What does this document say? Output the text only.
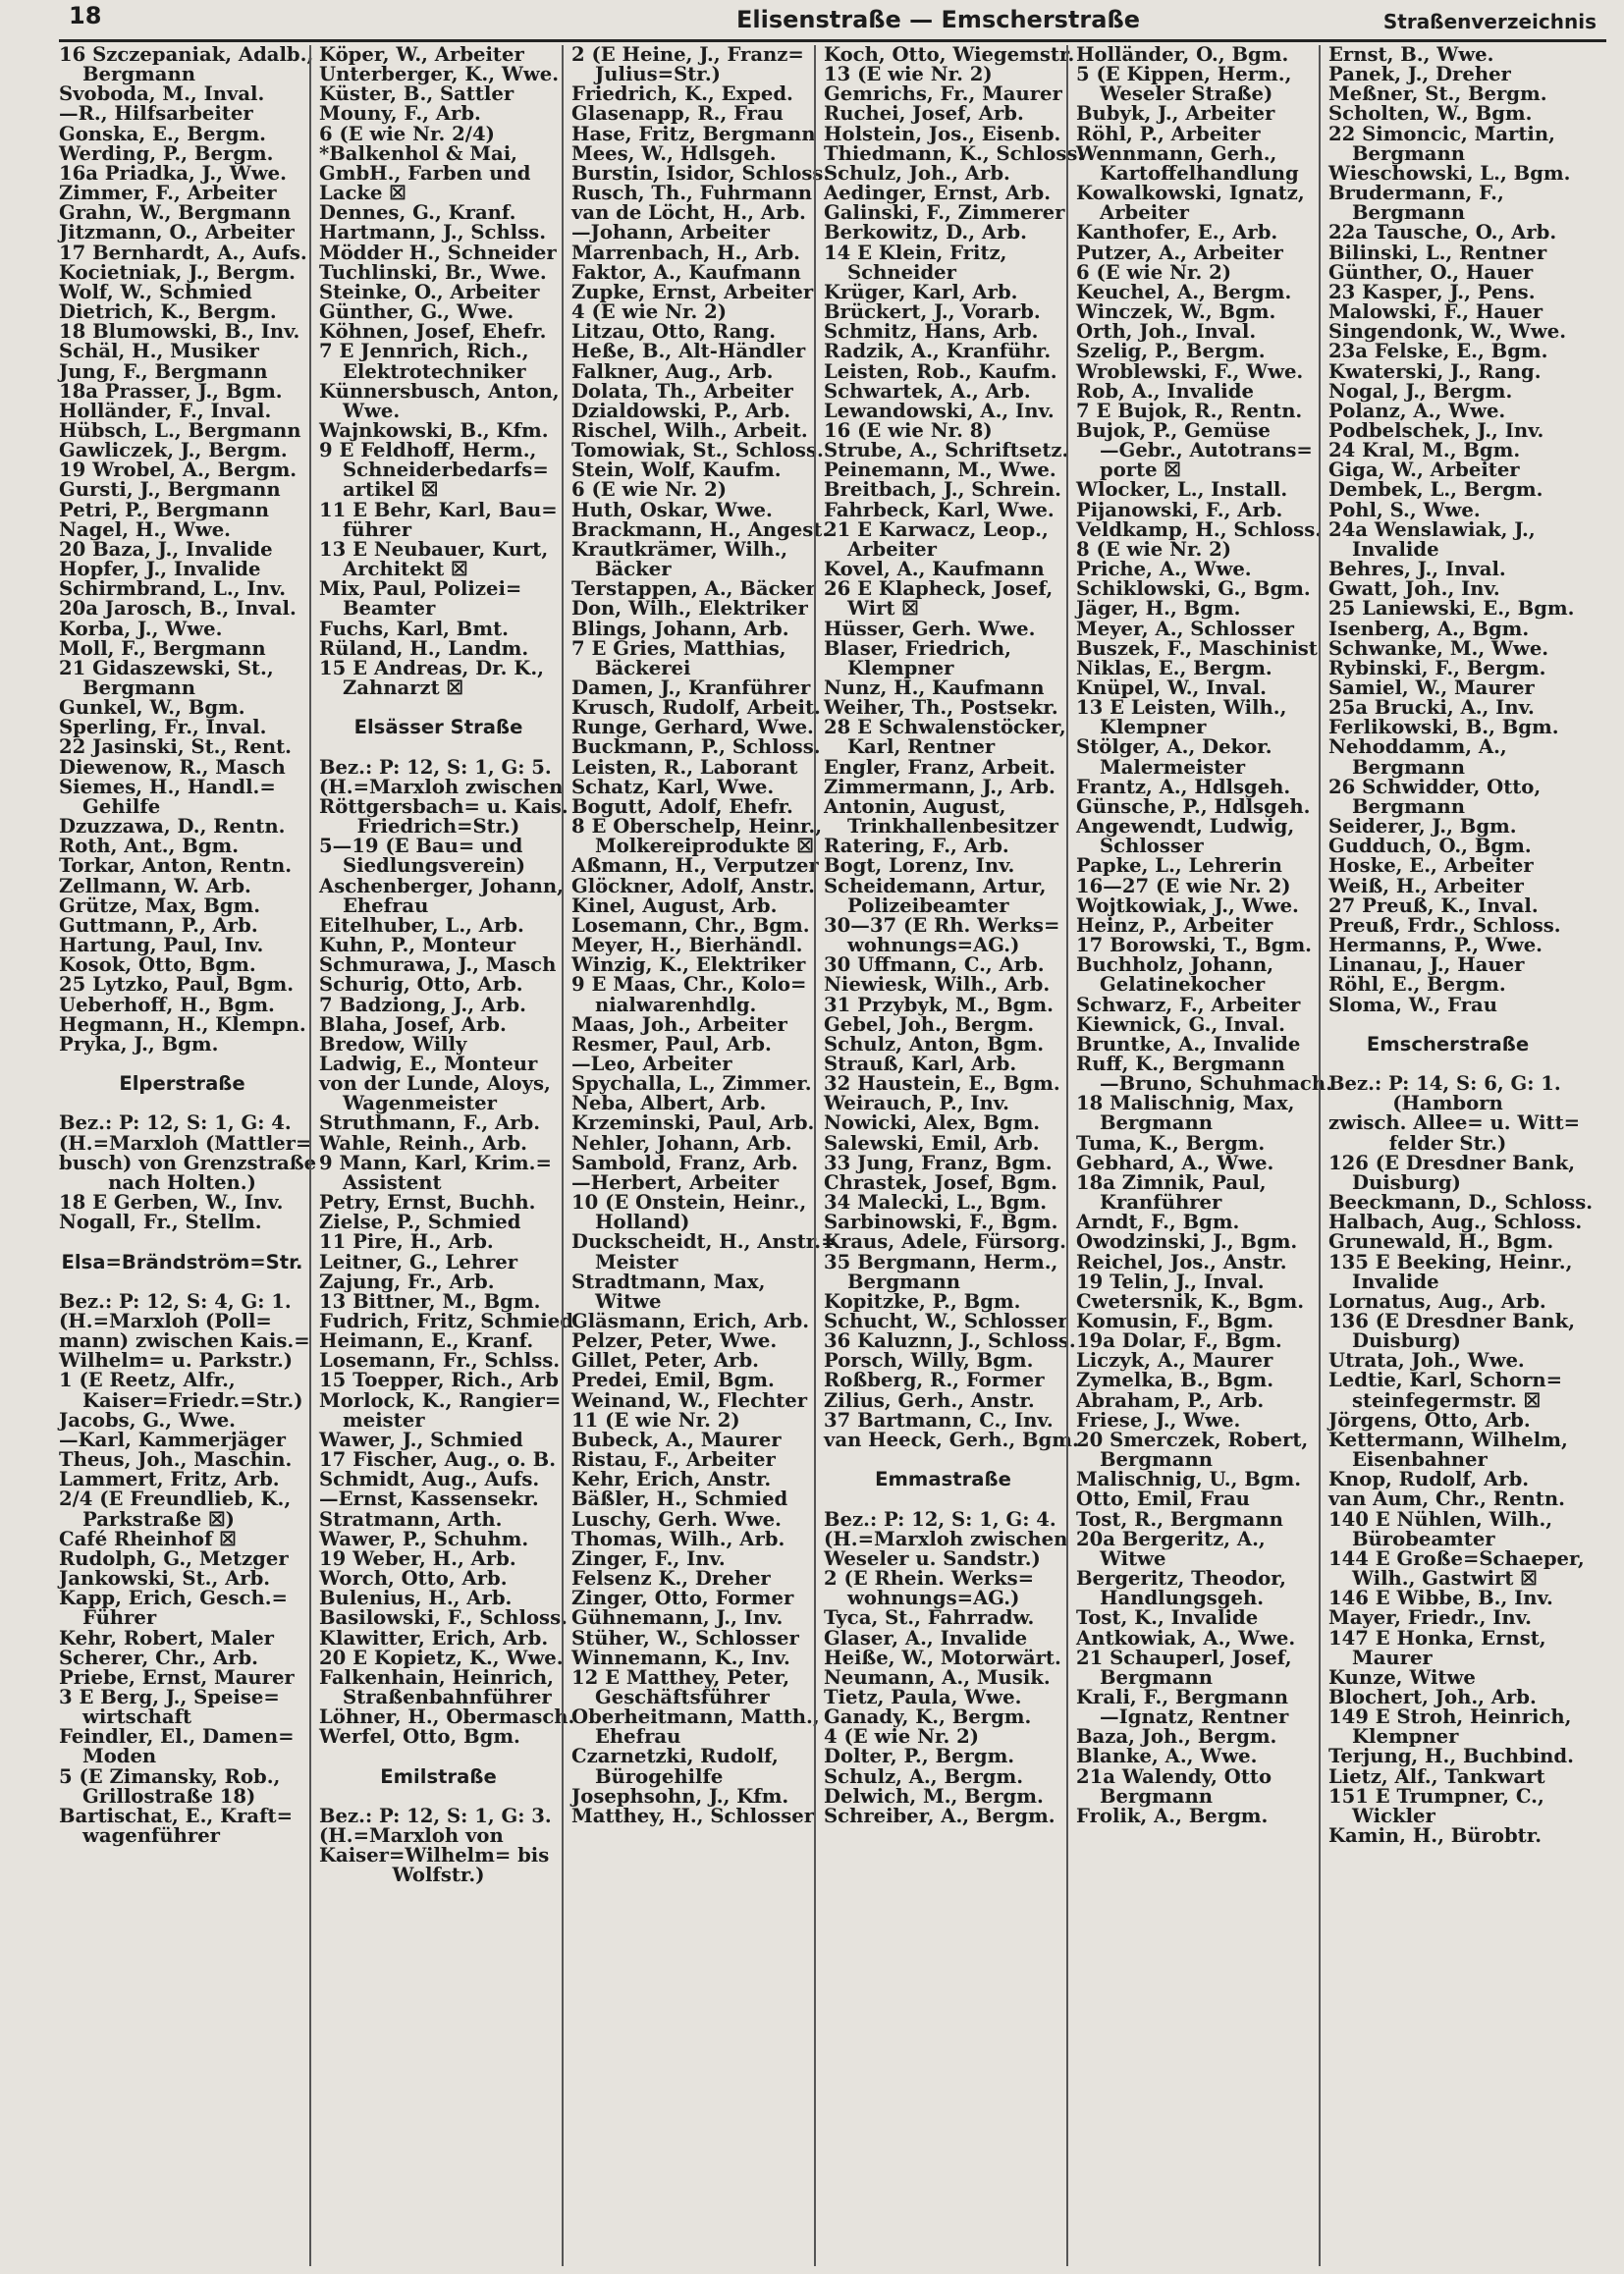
18	Elisenstraße — Emscherstraße	Straßenverzeichnis
16 Szczepaniak, Adalb.,
Bergmann
Svoboda, M., Inval.
—R., Hilfsarbeiter
Gonska, E., Bergm.
Werding, P., Bergm.
16a Priadka, J., Wwe.
Zimmer, F., Arbeiter
Grahn, W., Bergmann
Jitzmann, O., Arbeiter
17 Bernhardt, A., Aufs.
Kocietniak, J., Bergm.
Wolf, W., Schmied
Dietrich, K., Bergm.
18 Blumowski, B., Inv.
Schäl, H., Musiker
Jung, F., Bergmann
18a Prasser, J., Bgm.
Holländer, F., Inval.
Hübsch, L., Bergmann
Gawliczek, J., Bergm.
19 Wrobel, A., Bergm.
Gursti, J., Bergmann
Petri, P., Bergmann
Nagel, H., Wwe.
20 Baza, J., Invalide
Hopfer, J., Invalide
Schirmbrand, L., Inv.
20a Jarosch, B., Inval.
Korba, J., Wwe.
Moll, F., Bergmann
21 Gidaszewski, St.,
Bergmann
Gunkel, W., Bgm.
Sperling, Fr., Inval.
22 Jasinski, St., Rent.
Diewenow, R., Masch
Siemes, H., Handl.=
Gehilfe
Dzuzzawa, D., Rentn.
Roth, Ant., Bgm.
Torkar, Anton, Rentn.
Zellmann, W. Arb.
Grütze, Max, Bgm.
Guttmann, P., Arb.
Hartung, Paul, Inv.
Kosok, Otto, Bgm.
25 Lytzko, Paul, Bgm.
Ueberhoff, H., Bgm.
Hegmann, H., Klempn.
Pryka, J., Bgm.

Elperstraße

Bez.: P: 12, S: 1, G: 4.
(H.=Marxloh (Mattler=
busch) von Grenzstraße
nach Holten.)
18 E Gerben, W., Inv.
Nogall, Fr., Stellm.

Elsa=Brändström=Str.

Bez.: P: 12, S: 4, G: 1.
(H.=Marxloh (Poll=
mann) zwischen Kais.=
Wilhelm= u. Parkstr.)
1 (E Reetz, Alfr.,
Kaiser=Friedr.=Str.)
Jacobs, G., Wwe.
—Karl, Kammerjäger
Theus, Joh., Maschin.
Lammert, Fritz, Arb.
2/4 (E Freundlieb, K.,
Parkstraße ☒)
Café Rheinhof ☒
Rudolph, G., Metzger
Jankowski, St., Arb.
Kapp, Erich, Gesch.=
Führer
Kehr, Robert, Maler
Scherer, Chr., Arb.
Priebe, Ernst, Maurer
3 E Berg, J., Speise=
wirtschaft
Feindler, El., Damen=
Moden
5 (E Zimansky, Rob.,
Grillostraße 18)
Bartischat, E., Kraft=
wagenführer
Köper, W., Arbeiter
Unterberger, K., Wwe.
Küster, B., Sattler
Mouny, F., Arb.
6 (E wie Nr. 2/4)
*Balkenhol & Mai,
GmbH., Farben und
Lacke ☒
Dennes, G., Kranf.
Hartmann, J., Schlss.
Mödder H., Schneider
Tuchlinski, Br., Wwe.
Steinke, O., Arbeiter
Günther, G., Wwe.
Köhnen, Josef, Ehefr.
7 E Jennrich, Rich.,
Elektrotechniker
Künnersbusch, Anton,
Wwe.
Wajnkowski, B., Kfm.
9 E Feldhoff, Herm.,
Schneiderbedarfs=
artikel ☒
11 E Behr, Karl, Bau=
führer
13 E Neubauer, Kurt,
Architekt ☒
Mix, Paul, Polizei=
Beamter
Fuchs, Karl, Bmt.
Rüland, H., Landm.
15 E Andreas, Dr. K.,
Zahnarzt ☒

Elsässer Straße

Bez.: P: 12, S: 1, G: 5.
(H.=Marxloh zwischen
Röttgersbach= u. Kais.
Friedrich=Str.)
5—19 (E Bau= und
Siedlungsverein)
Aschenberger, Johann,
Ehefrau
Eitelhuber, L., Arb.
Kuhn, P., Monteur
Schmurawa, J., Masch
Schurig, Otto, Arb.
7 Badziong, J., Arb.
Blaha, Josef, Arb.
Bredow, Willy
Ladwig, E., Monteur
von der Lunde, Aloys,
Wagenmeister
Struthmann, F., Arb.
Wahle, Reinh., Arb.
9 Mann, Karl, Krim.=
Assistent
Petry, Ernst, Buchh.
Zielse, P., Schmied
11 Pire, H., Arb.
Leitner, G., Lehrer
Zajung, Fr., Arb.
13 Bittner, M., Bgm.
Fudrich, Fritz, Schmied
Heimann, E., Kranf.
Losemann, Fr., Schlss.
15 Toepper, Rich., Arb
Morlock, K., Rangier=
meister
Wawer, J., Schmied
17 Fischer, Aug., o. B.
Schmidt, Aug., Aufs.
—Ernst, Kassensekr.
Stratmann, Arth.
Wawer, P., Schuhm.
19 Weber, H., Arb.
Worch, Otto, Arb.
Bulenius, H., Arb.
Basilowski, F., Schloss.
Klawitter, Erich, Arb.
20 E Kopietz, K., Wwe.
Falkenhain, Heinrich,
Straßenbahnführer
Löhner, H., Obermasch.
Werfel, Otto, Bgm.

Emilstraße

Bez.: P: 12, S: 1, G: 3.
(H.=Marxloh von
Kaiser=Wilhelm= bis
Wolfstr.)
2 (E Heine, J., Franz=
Julius=Str.)
Friedrich, K., Exped.
Glasenapp, R., Frau
Hase, Fritz, Bergmann
Mees, W., Hdlsgeh.
Burstin, Isidor, Schloss.
Rusch, Th., Fuhrmann
van de Löcht, H., Arb.
—Johann, Arbeiter
Marrenbach, H., Arb.
Faktor, A., Kaufmann
Zupke, Ernst, Arbeiter
4 (E wie Nr. 2)
Litzau, Otto, Rang.
Heße, B., Alt-Händler
Falkner, Aug., Arb.
Dolata, Th., Arbeiter
Dzialdowski, P., Arb.
Rischel, Wilh., Arbeit.
Tomowiak, St., Schloss.
Stein, Wolf, Kaufm.
6 (E wie Nr. 2)
Huth, Oskar, Wwe.
Brackmann, H., Angest.
Krautkrämer, Wilh.,
Bäcker
Terstappen, A., Bäcker
Don, Wilh., Elektriker
Blings, Johann, Arb.
7 E Gries, Matthias,
Bäckerei
Damen, J., Kranführer
Krusch, Rudolf, Arbeit.
Runge, Gerhard, Wwe.
Buckmann, P., Schloss.
Leisten, R., Laborant
Schatz, Karl, Wwe.
Bogutt, Adolf, Ehefr.
8 E Oberschelp, Heinr.,
Molkereiprodukte ☒
Aßmann, H., Verputzer
Glöckner, Adolf, Anstr.
Kinel, August, Arb.
Losemann, Chr., Bgm.
Meyer, H., Bierhändl.
Winzig, K., Elektriker
9 E Maas, Chr., Kolo=
nialwarenhdlg.
Maas, Joh., Arbeiter
Resmer, Paul, Arb.
—Leo, Arbeiter
Spychalla, L., Zimmer.
Neba, Albert, Arb.
Krzeminski, Paul, Arb.
Nehler, Johann, Arb.
Sambold, Franz, Arb.
—Herbert, Arbeiter
10 (E Onstein, Heinr.,
Holland)
Duckscheidt, H., Anstr.=
Meister
Stradtmann, Max,
Witwe
Gläsmann, Erich, Arb.
Pelzer, Peter, Wwe.
Gillet, Peter, Arb.
Predei, Emil, Bgm.
Weinand, W., Flechter
11 (E wie Nr. 2)
Bubeck, A., Maurer
Ristau, F., Arbeiter
Kehr, Erich, Anstr.
Bäßler, H., Schmied
Luschy, Gerh. Wwe.
Thomas, Wilh., Arb.
Zinger, F., Inv.
Felsenz K., Dreher
Zinger, Otto, Former
Gühnemann, J., Inv.
Stüher, W., Schlosser
Winnemann, K., Inv.
12 E Matthey, Peter,
Geschäftsführer
Oberheitmann, Matth.,
Ehefrau
Czarnetzki, Rudolf,
Bürogehilfe
Josephsohn, J., Kfm.
Matthey, H., Schlosser
Koch, Otto, Wiegemstr.
13 (E wie Nr. 2)
Gemrichs, Fr., Maurer
Ruchei, Josef, Arb.
Holstein, Jos., Eisenb.
Thiedmann, K., Schloss.
Schulz, Joh., Arb.
Aedinger, Ernst, Arb.
Galinski, F., Zimmerer
Berkowitz, D., Arb.
14 E Klein, Fritz,
Schneider
Krüger, Karl, Arb.
Brückert, J., Vorarb.
Schmitz, Hans, Arb.
Radzik, A., Kranführ.
Leisten, Rob., Kaufm.
Schwartek, A., Arb.
Lewandowski, A., Inv.
16 (E wie Nr. 8)
Strube, A., Schriftsetz.
Peinemann, M., Wwe.
Breitbach, J., Schrein.
Fahrbeck, Karl, Wwe.
21 E Karwacz, Leop.,
Arbeiter
Kovel, A., Kaufmann
26 E Klapheck, Josef,
Wirt ☒
Hüsser, Gerh. Wwe.
Blaser, Friedrich,
Klempner
Nunz, H., Kaufmann
Weiher, Th., Postsekr.
28 E Schwalenstöcker,
Karl, Rentner
Engler, Franz, Arbeit.
Zimmermann, J., Arb.
Antonin, August,
Trinkhallenbesitzer
Ratering, F., Arb.
Bogt, Lorenz, Inv.
Scheidemann, Artur,
Polizeibeamter
30—37 (E Rh. Werks=
wohnungs=AG.)
30 Uffmann, C., Arb.
Niewiesk, Wilh., Arb.
31 Przybyk, M., Bgm.
Gebel, Joh., Bergm.
Schulz, Anton, Bgm.
Strauß, Karl, Arb.
32 Haustein, E., Bgm.
Weirauch, P., Inv.
Nowicki, Alex, Bgm.
Salewski, Emil, Arb.
33 Jung, Franz, Bgm.
Chrastek, Josef, Bgm.
34 Malecki, L., Bgm.
Sarbinowski, F., Bgm.
Kraus, Adele, Fürsorg.
35 Bergmann, Herm.,
Bergmann
Kopitzke, P., Bgm.
Schucht, W., Schlosser
36 Kaluznn, J., Schloss.
Porsch, Willy, Bgm.
Roßberg, R., Former
Zilius, Gerh., Anstr.
37 Bartmann, C., Inv.
van Heeck, Gerh., Bgm.

Emmastraße

Bez.: P: 12, S: 1, G: 4.
(H.=Marxloh zwischen
Weseler u. Sandstr.)
2 (E Rhein. Werks=
wohnungs=AG.)
Tyca, St., Fahrradw.
Glaser, A., Invalide
Heiße, W., Motorwärt.
Neumann, A., Musik.
Tietz, Paula, Wwe.
Ganady, K., Bergm.
4 (E wie Nr. 2)
Dolter, P., Bergm.
Schulz, A., Bergm.
Delwich, M., Bergm.
Schreiber, A., Bergm.
Holländer, O., Bgm.
5 (E Kippen, Herm.,
Weseler Straße)
Bubyk, J., Arbeiter
Röhl, P., Arbeiter
Wennmann, Gerh.,
Kartoffelhandlung
Kowalkowski, Ignatz,
Arbeiter
Kanthofer, E., Arb.
Putzer, A., Arbeiter
6 (E wie Nr. 2)
Keuchel, A., Bergm.
Winczek, W., Bgm.
Orth, Joh., Inval.
Szelig, P., Bergm.
Wroblewski, F., Wwe.
Rob, A., Invalide
7 E Bujok, R., Rentn.
Bujok, P., Gemüse
—Gebr., Autotrans=
porte ☒
Wlocker, L., Install.
Pijanowski, F., Arb.
Veldkamp, H., Schloss.
8 (E wie Nr. 2)
Priche, A., Wwe.
Schiklowski, G., Bgm.
Jäger, H., Bgm.
Meyer, A., Schlosser
Buszek, F., Maschinist
Niklas, E., Bergm.
Knüpel, W., Inval.
13 E Leisten, Wilh.,
Klempner
Stölger, A., Dekor.
Malermeister
Frantz, A., Hdlsgeh.
Günsche, P., Hdlsgeh.
Angewendt, Ludwig,
Schlosser
Papke, L., Lehrerin
16—27 (E wie Nr. 2)
Wojtkowiak, J., Wwe.
Heinz, P., Arbeiter
17 Borowski, T., Bgm.
Buchholz, Johann,
Gelatinekocher
Schwarz, F., Arbeiter
Kiewnick, G., Inval.
Bruntke, A., Invalide
Ruff, K., Bergmann
—Bruno, Schuhmach.
18 Malischnig, Max,
Bergmann
Tuma, K., Bergm.
Gebhard, A., Wwe.
18a Zimnik, Paul,
Kranführer
Arndt, F., Bgm.
Owodzinski, J., Bgm.
Reichel, Jos., Anstr.
19 Telin, J., Inval.
Cwetersnik, K., Bgm.
Komusin, F., Bgm.
19a Dolar, F., Bgm.
Liczyk, A., Maurer
Zymelka, B., Bgm.
Abraham, P., Arb.
Friese, J., Wwe.
20 Smerczek, Robert,
Bergmann
Malischnig, U., Bgm.
Otto, Emil, Frau
Tost, R., Bergmann
20a Bergeritz, A.,
Witwe
Bergeritz, Theodor,
Handlungsgeh.
Tost, K., Invalide
Antkowiak, A., Wwe.
21 Schauperl, Josef,
Bergmann
Krali, F., Bergmann
—Ignatz, Rentner
Baza, Joh., Bergm.
Blanke, A., Wwe.
21a Walendy, Otto
Bergmann
Frolik, A., Bergm.
Ernst, B., Wwe.
Panek, J., Dreher
Meßner, St., Bergm.
Scholten, W., Bgm.
22 Simoncic, Martin,
Bergmann
Wieschowski, L., Bgm.
Brudermann, F.,
Bergmann
22a Tausche, O., Arb.
Bilinski, L., Rentner
Günther, O., Hauer
23 Kasper, J., Pens.
Malowski, F., Hauer
Singendonk, W., Wwe.
23a Felske, E., Bgm.
Kwaterski, J., Rang.
Nogal, J., Bergm.
Polanz, A., Wwe.
Podbelschek, J., Inv.
24 Kral, M., Bgm.
Giga, W., Arbeiter
Dembek, L., Bergm.
Pohl, S., Wwe.
24a Wenslawiak, J.,
Invalide
Behres, J., Inval.
Gwatt, Joh., Inv.
25 Laniewski, E., Bgm.
Isenberg, A., Bgm.
Schwanke, M., Wwe.
Rybinski, F., Bergm.
Samiel, W., Maurer
25a Brucki, A., Inv.
Ferlikowski, B., Bgm.
Nehoddamm, A.,
Bergmann
26 Schwidder, Otto,
Bergmann
Seiderer, J., Bgm.
Gudduch, O., Bgm.
Hoske, E., Arbeiter
Weiß, H., Arbeiter
27 Preuß, K., Inval.
Preuß, Frdr., Schloss.
Hermanns, P., Wwe.
Linanau, J., Hauer
Röhl, E., Bergm.
Sloma, W., Frau

Emscherstraße

Bez.: P: 14, S: 6, G: 1.
(Hamborn
zwisch. Allee= u. Witt=
felder Str.)
126 (E Dresdner Bank,
Duisburg)
Beeckmann, D., Schloss.
Halbach, Aug., Schloss.
Grunewald, H., Bgm.
135 E Beeking, Heinr.,
Invalide
Lornatus, Aug., Arb.
136 (E Dresdner Bank,
Duisburg)
Utrata, Joh., Wwe.
Ledtie, Karl, Schorn=
steinfegermstr. ☒
Jörgens, Otto, Arb.
Kettermann, Wilhelm,
Eisenbahner
Knop, Rudolf, Arb.
van Aum, Chr., Rentn.
140 E Nühlen, Wilh.,
Bürobeamter
144 E Große=Schaeper,
Wilh., Gastwirt ☒
146 E Wibbe, B., Inv.
Mayer, Friedr., Inv.
147 E Honka, Ernst,
Maurer
Kunze, Witwe
Blochert, Joh., Arb.
149 E Stroh, Heinrich,
Klempner
Terjung, H., Buchbind.
Lietz, Alf., Tankwart
151 E Trumpner, C.,
Wickler
Kamin, H., Bürobtr.
